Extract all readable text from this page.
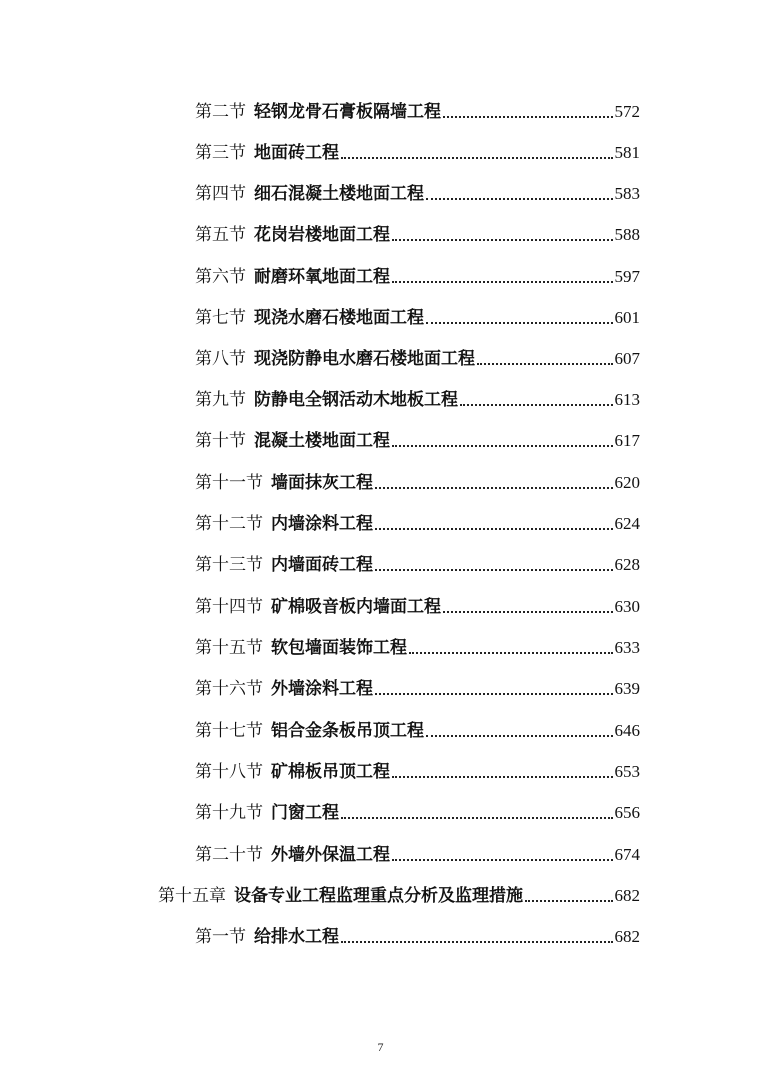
第二节 轻钢龙骨石膏板隔墙工程	572
第三节 地面砖工程	581
第四节 细石混凝土楼地面工程	583
第五节 花岗岩楼地面工程	588
第六节 耐磨环氧地面工程	597
第七节 现浇水磨石楼地面工程	601
第八节 现浇防静电水磨石楼地面工程	607
第九节 防静电全钢活动木地板工程	613
第十节 混凝土楼地面工程	617
第十一节 墙面抹灰工程	620
第十二节 内墙涂料工程	624
第十三节 内墙面砖工程	628
第十四节 矿棉吸音板内墙面工程	630
第十五节 软包墙面装饰工程	633
第十六节 外墙涂料工程	639
第十七节 铝合金条板吊顶工程	646
第十八节 矿棉板吊顶工程	653
第十九节 门窗工程	656
第二十节 外墙外保温工程	674
第十五章 设备专业工程监理重点分析及监理措施	682
第一节 给排水工程	682
7
